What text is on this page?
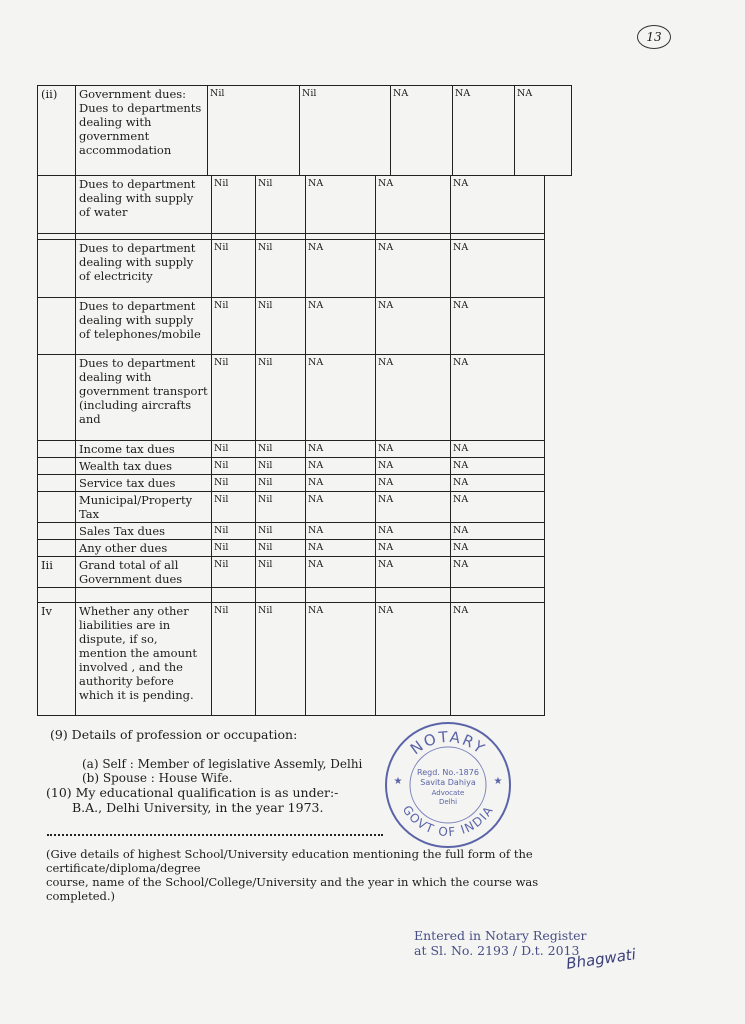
13
(ii)	Government dues: Dues to departments dealing with government accommodation	Nil	Nil	NA	NA	NA
	Dues to department dealing with supply of water	Nil	Nil	NA	NA	NA

	Dues to department dealing with supply of electricity	Nil	Nil	NA	NA	NA
	Dues to department dealing with supply of telephones/mobile	Nil	Nil	NA	NA	NA
	Dues to department dealing with government transport (including aircrafts and	Nil	Nil	NA	NA	NA
	Income tax dues	Nil	Nil	NA	NA	NA
	Wealth tax dues	Nil	Nil	NA	NA	NA
	Service tax dues	Nil	Nil	NA	NA	NA
	Municipal/Property Tax	Nil	Nil	NA	NA	NA
	Sales Tax dues	Nil	Nil	NA	NA	NA
	Any other dues	Nil	Nil	NA	NA	NA
Iii	Grand total of all Government dues	Nil	Nil	NA	NA	NA

Iv	Whether any other liabilities are in dispute, if so, mention the amount involved , and the authority before which it is pending.	Nil	Nil	NA	NA	NA
(9) Details of profession or occupation:
(a) Self : Member of legislative Assemly, Delhi
(b) Spouse : House Wife.
(10) My educational qualification is as under:-
B.A., Delhi University, in the year 1973.
(Give details of highest School/University education mentioning the full form of the certificate/diploma/degree
course, name of the School/College/University and the year in which the course was completed.)
NOTARY
GOVT OF INDIA
Regd. No.-1876
Savita Dahiya
Advocate
Delhi
★	★
Entered in Notary Register
at Sl. No. 2193 / D.t. 2013
Bhagwati
